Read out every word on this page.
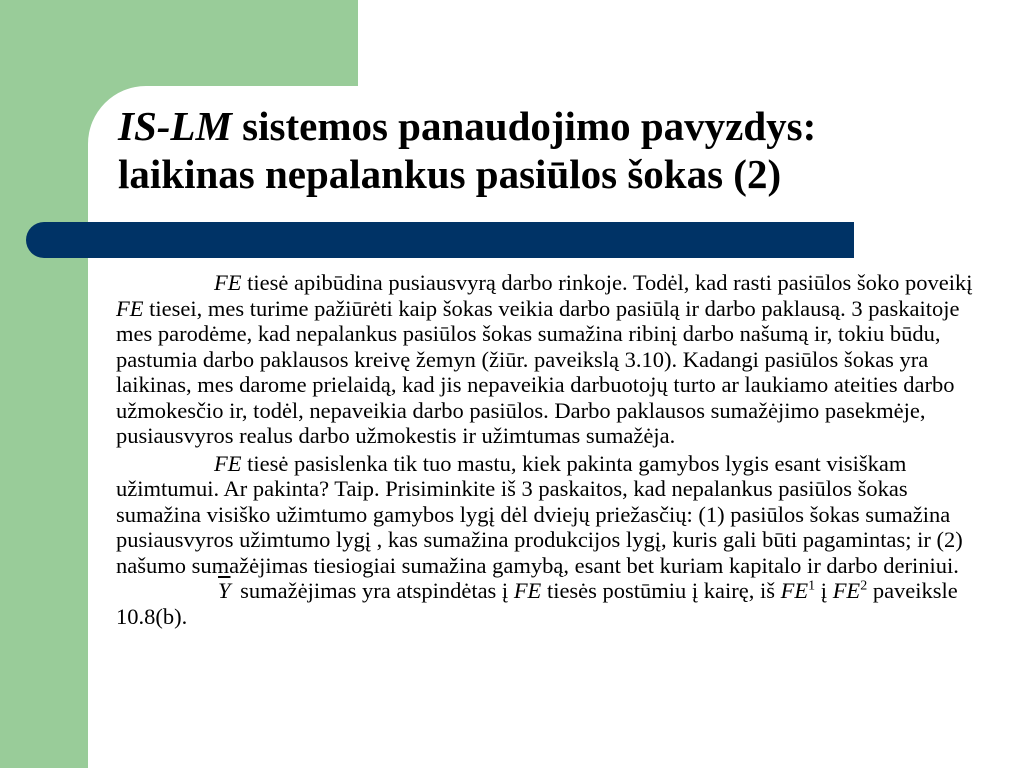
IS-LM sistemos panaudojimo pavyzdys:
laikinas nepalankus pasiūlos šokas (2)

FE tiesė apibūdina pusiausvyrą darbo rinkoje. Todėl, kad rasti pasiūlos šoko poveikį FE tiesei, mes turime pažiūrėti kaip šokas veikia darbo pasiūlą ir darbo paklausą. 3 paskaitoje mes parodėme, kad nepalankus pasiūlos šokas sumažina ribinį darbo našumą ir, tokiu būdu, pastumia darbo paklausos kreivę žemyn (žiūr. paveikslą 3.10). Kadangi pasiūlos šokas yra laikinas, mes darome prielaidą, kad jis nepaveikia darbuotojų turto ar laukiamo ateities darbo užmokesčio ir, todėl, nepaveikia darbo pasiūlos. Darbo paklausos sumažėjimo pasekmėje, pusiausvyros realus darbo užmokestis ir užimtumas sumažėja.

FE tiesė pasislenka tik tuo mastu, kiek pakinta gamybos lygis esant visiškam užimtumui. Ar pakinta? Taip. Prisiminkite iš 3 paskaitos, kad nepalankus pasiūlos šokas sumažina visiško užimtumo gamybos lygį dėl dviejų priežasčių: (1) pasiūlos šokas sumažina pusiausvyros užimtumo lygį , kas sumažina produkcijos lygį, kuris gali būti pagamintas; ir (2) našumo sumažėjimas tiesiogiai sumažina gamybą, esant bet kuriam kapitalo ir darbo deriniui. $\overline{Y}$ sumažėjimas yra atspindėtas į FE tiesės postūmiu į kairę, iš $FE^1$ į $FE^2$ paveiksle 10.8(b).
